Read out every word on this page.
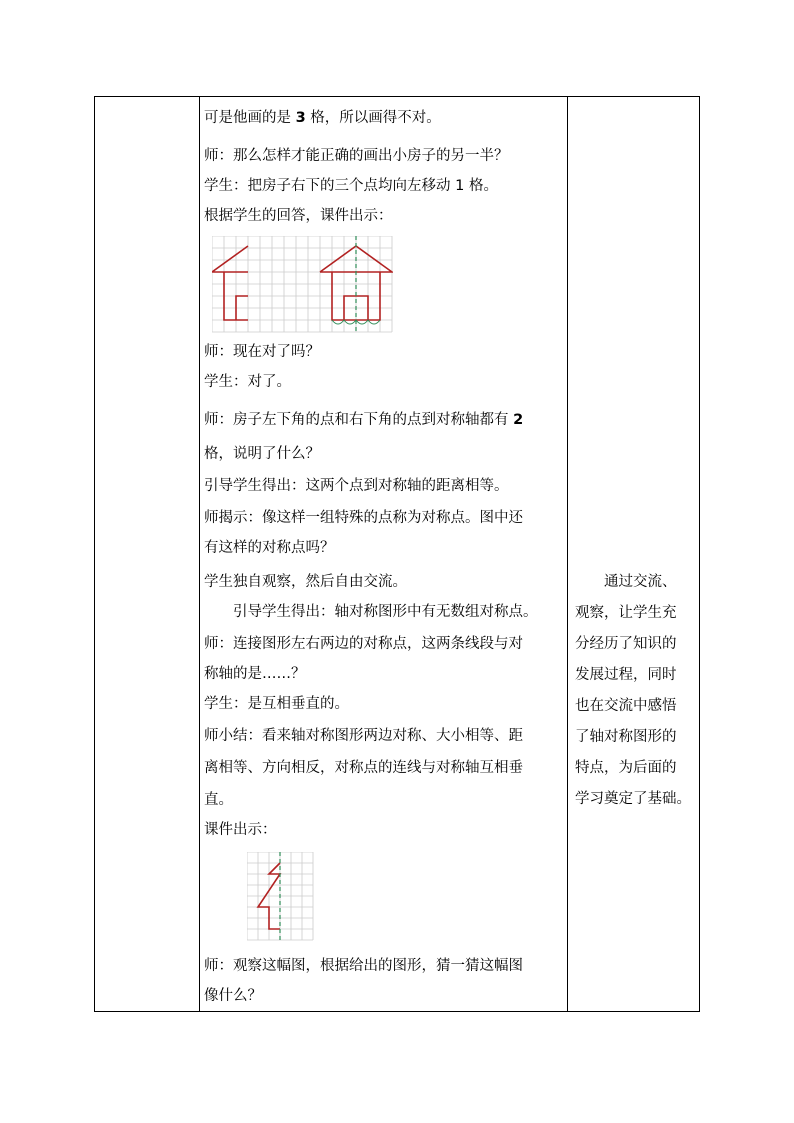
可是他画的是 3 格，所以画得不对。
师：那么怎样才能正确的画出小房子的另一半？
学生：把房子右下的三个点均向左移动 1 格。
根据学生的回答，课件出示：
师：现在对了吗？
学生：对了。
师：房子左下角的点和右下角的点到对称轴都有 2
格，说明了什么？
引导学生得出：这两个点到对称轴的距离相等。
师揭示：像这样一组特殊的点称为对称点。图中还
有这样的对称点吗？
学生独自观察，然后自由交流。
　　引导学生得出：轴对称图形中有无数组对称点。
师：连接图形左右两边的对称点，这两条线段与对
称轴的是……？
学生：是互相垂直的。
师小结：看来轴对称图形两边对称、大小相等、距
离相等、方向相反，对称点的连线与对称轴互相垂
直。
课件出示：
师：观察这幅图，根据给出的图形，猜一猜这幅图
像什么？
　　通过交流、
观察，让学生充
分经历了知识的
发展过程，同时
也在交流中感悟
了轴对称图形的
特点，为后面的
学习奠定了基础。
